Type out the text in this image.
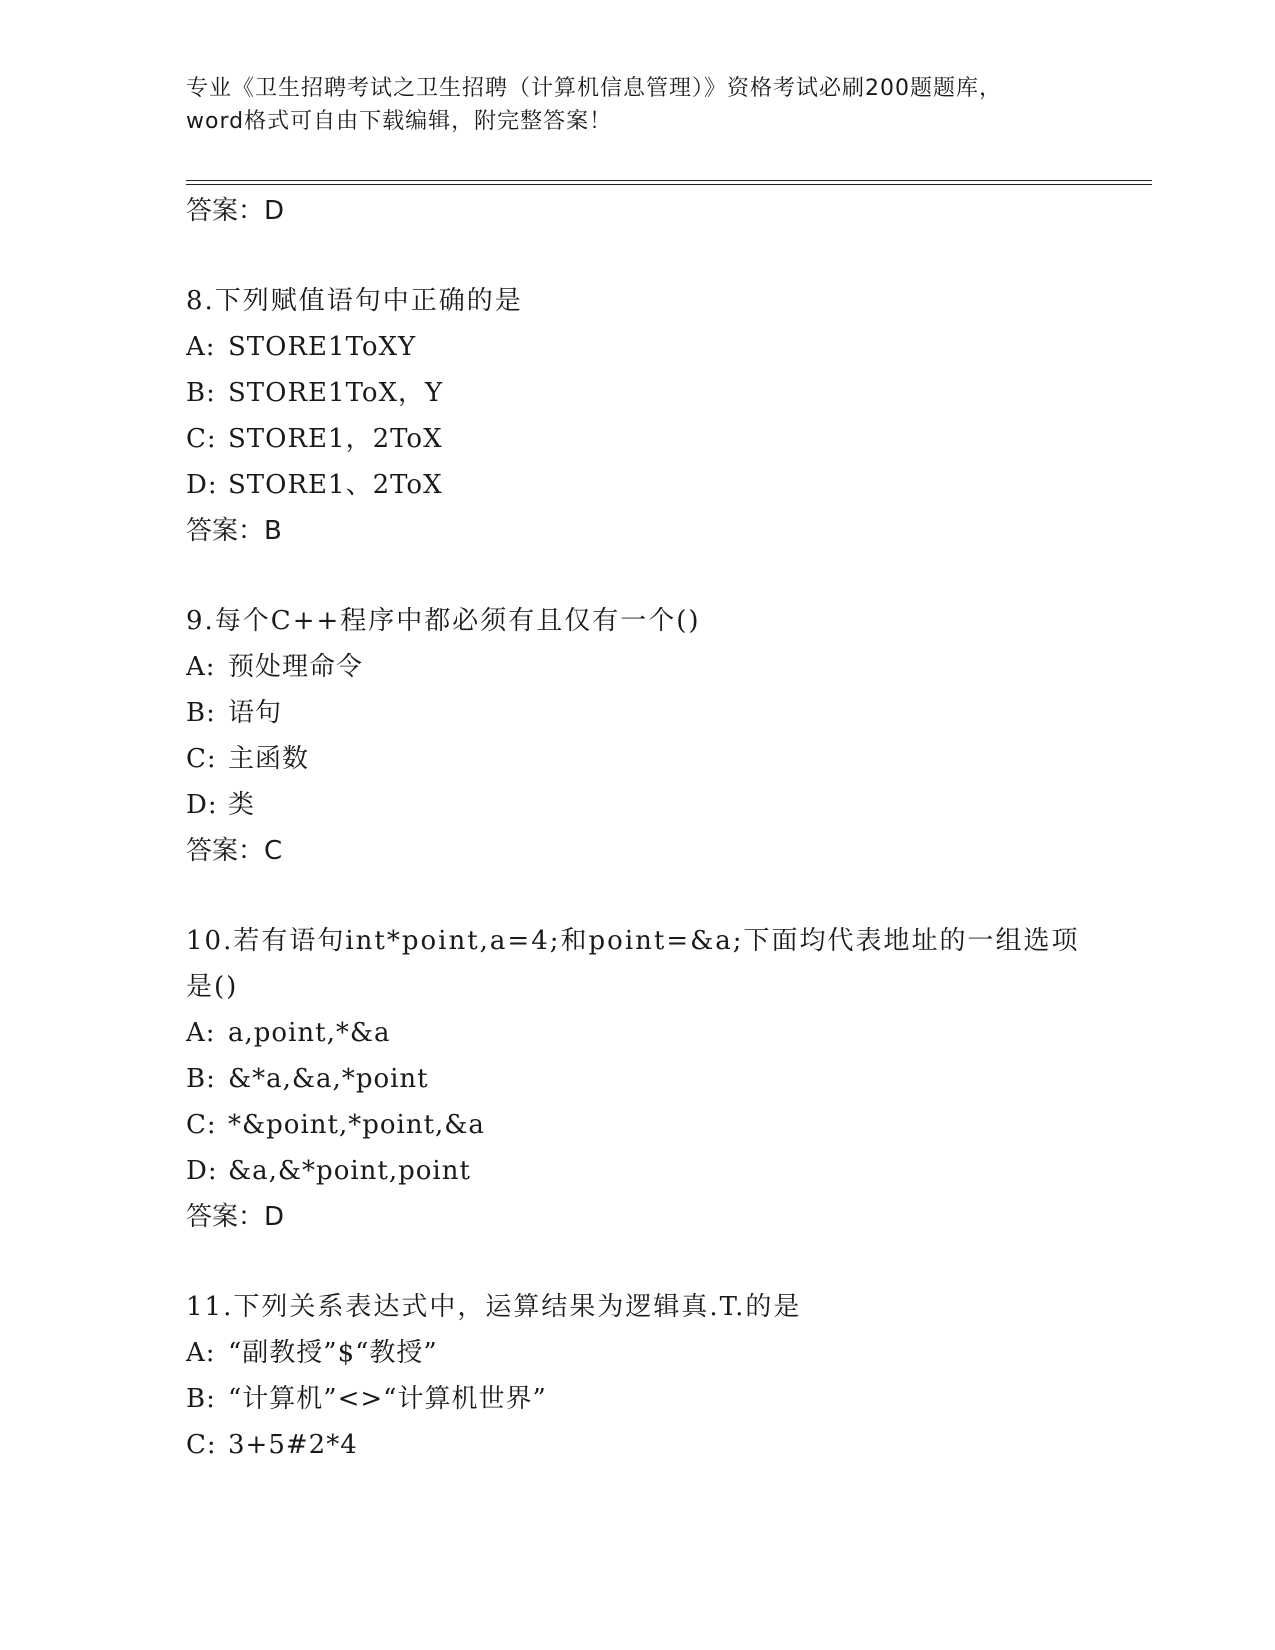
专业《卫生招聘考试之卫生招聘（计算机信息管理）》资格考试必刷200题题库，
word格式可自由下载编辑，附完整答案！
答案：D
8.下列赋值语句中正确的是
A: STORE1ToXY
B: STORE1ToX，Y
C: STORE1，2ToX
D: STORE1、2ToX
答案：B
9.每个C++程序中都必须有且仅有一个()
A: 预处理命令
B: 语句
C: 主函数
D: 类
答案：C
10.若有语句int*point,a=4;和point=&a;下面均代表地址的一组选项是()
A: a,point,*&a
B: &*a,&a,*point
C: *&point,*point,&a
D: &a,&*point,point
答案：D
11.下列关系表达式中，运算结果为逻辑真.T.的是
A: “副教授”$“教授”
B: “计算机”<>“计算机世界”
C: 3+5#2*4
